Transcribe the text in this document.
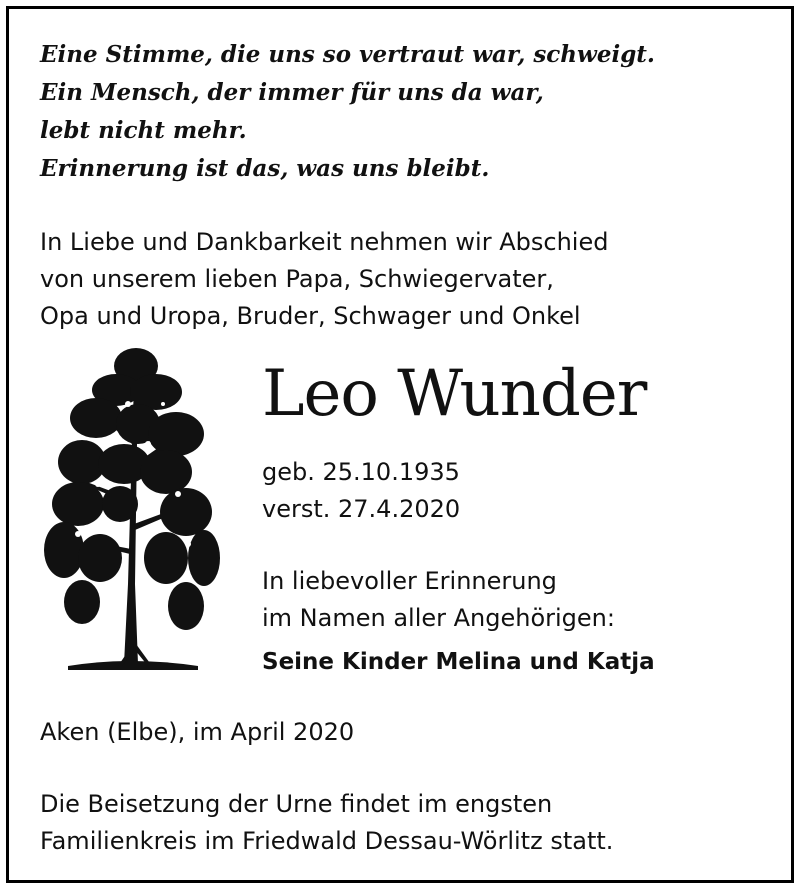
Eine Stimme, die uns so vertraut war, schweigt.
Ein Mensch, der immer für uns da war,
lebt nicht mehr.
Erinnerung ist das, was uns bleibt.
In Liebe und Dankbarkeit nehmen wir Abschied
von unserem lieben Papa, Schwiegervater,
Opa und Uropa, Bruder, Schwager und Onkel
Leo Wunder
geb. 25.10.1935
verst. 27.4.2020
In liebevoller Erinnerung
im Namen aller Angehörigen:
Seine Kinder Melina und Katja
Aken (Elbe), im April 2020
Die Beisetzung der Urne findet im engsten
Familienkreis im Friedwald Dessau-Wörlitz statt.
